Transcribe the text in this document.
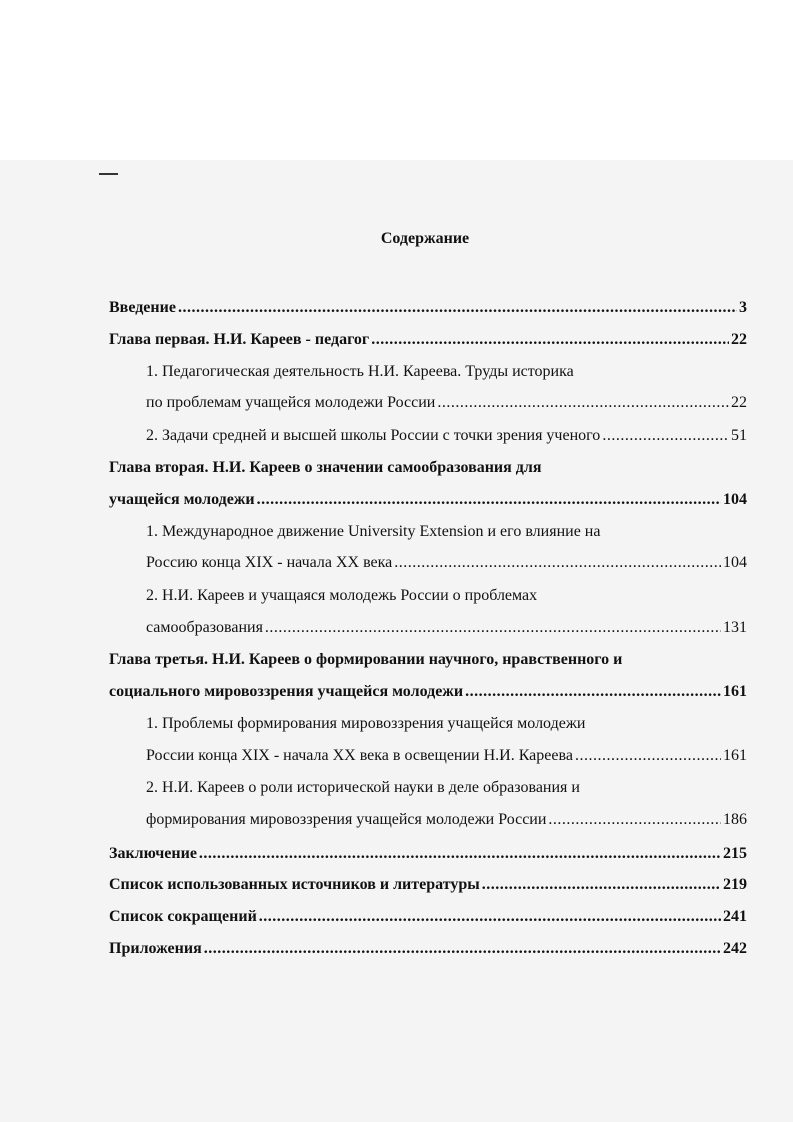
Содержание
Введение .....	3
Глава первая. Н.И. Кареев - педагог .....	22
1. Педагогическая деятельность Н.И. Кареева. Труды историка
по проблемам учащейся молодежи России .....	22
2. Задачи средней и высшей школы России с точки зрения ученого .....	51
Глава вторая. Н.И. Кареев о значении самообразования для
учащейся молодежи .....	104
1. Международное движение University Extension и его влияние на
Россию конца XIX - начала XX века .....	104
2. Н.И. Кареев и учащаяся молодежь России о проблемах
самообразования .....	131
Глава третья. Н.И. Кареев о формировании научного, нравственного и
социального мировоззрения учащейся молодежи .....	161
1. Проблемы формирования мировоззрения учащейся молодежи
России конца XIX - начала XX века в освещении Н.И. Кареева .....	161
2. Н.И. Кареев о роли исторической науки в деле образования и
формирования мировоззрения учащейся молодежи России .....	186
Заключение .....	215
Список использованных источников и литературы .....	219
Список сокращений .....	241
Приложения .....	242
